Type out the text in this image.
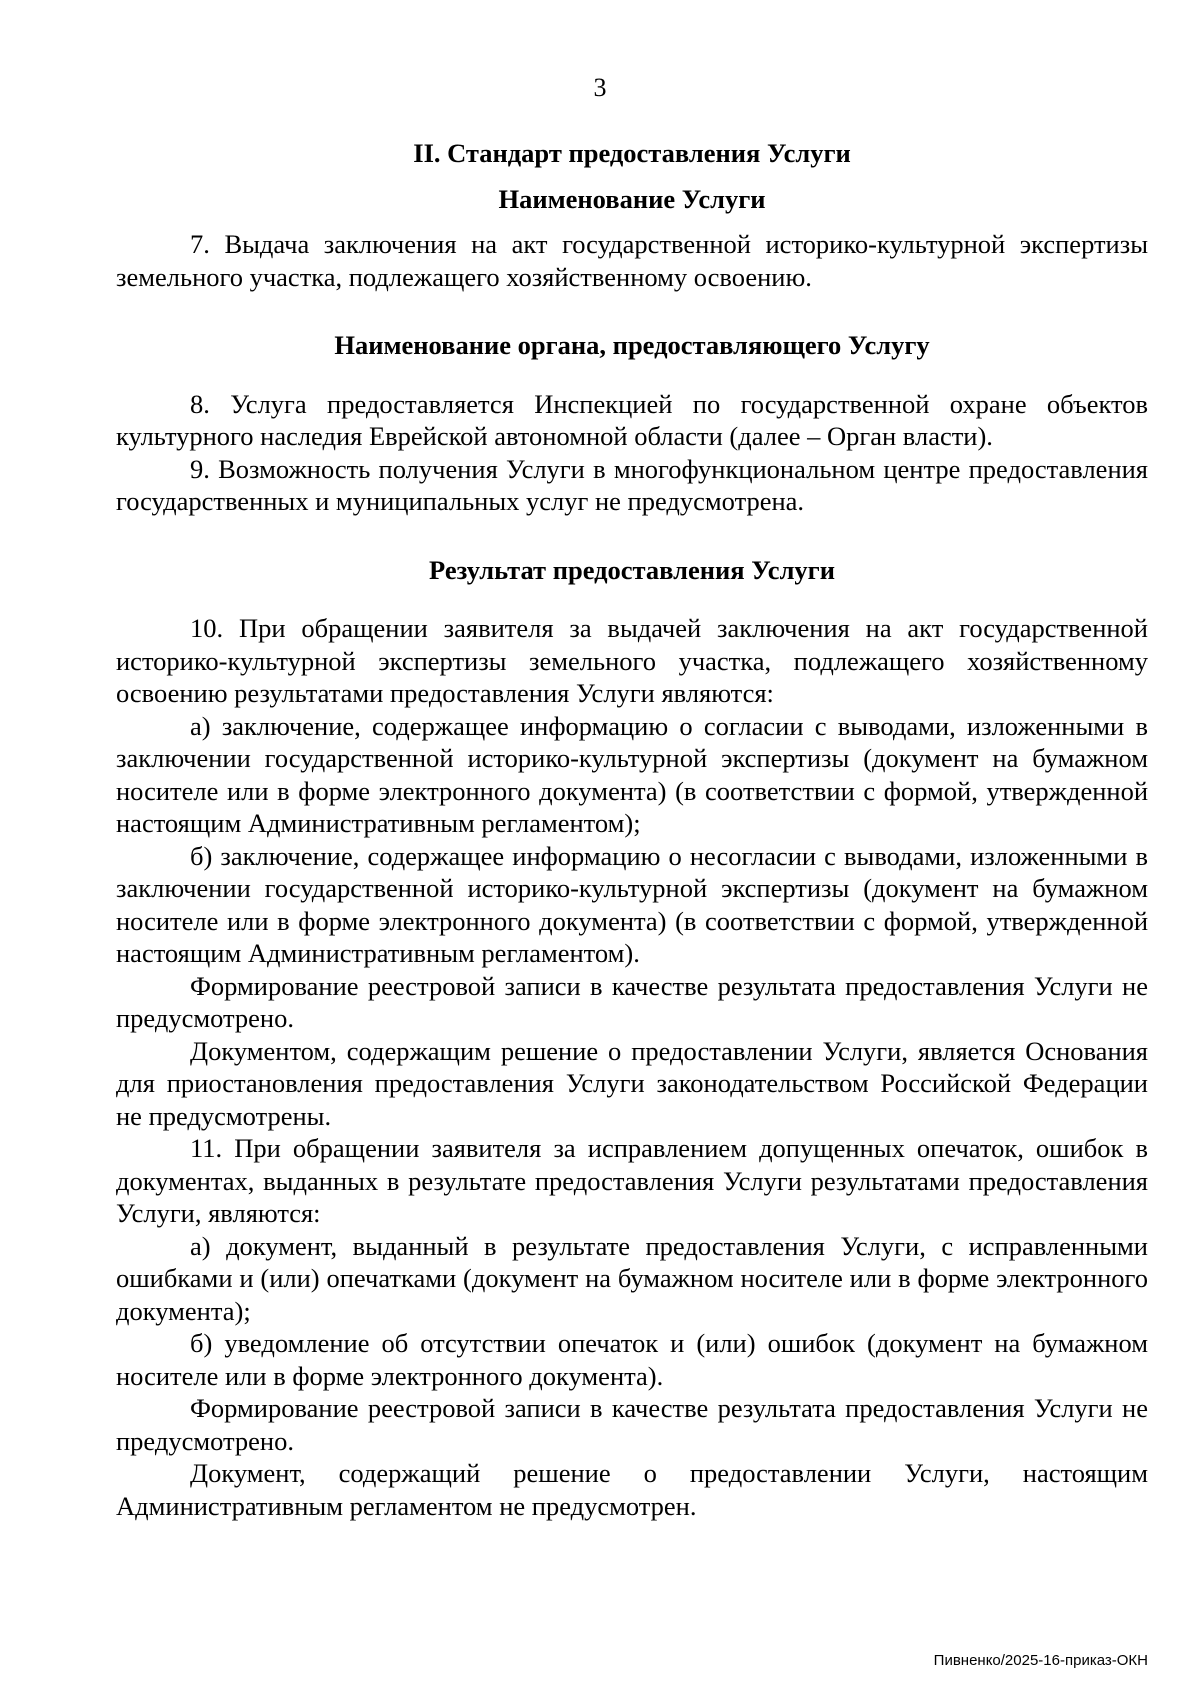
3
II. Стандарт предоставления Услуги
Наименование Услуги

7. Выдача заключения на акт государственной историко-культурной экспертизы земельного участка, подлежащего хозяйственному освоению.

Наименование органа, предоставляющего Услугу

8. Услуга предоставляется Инспекцией по государственной охране объектов культурного наследия Еврейской автономной области (далее – Орган власти).

9. Возможность получения Услуги в многофункциональном центре предоставления государственных и муниципальных услуг не предусмотрена.

Результат предоставления Услуги

10. При обращении заявителя за выдачей заключения на акт государственной историко-культурной экспертизы земельного участка, подлежащего хозяйственному освоению результатами предоставления Услуги являются:

а) заключение, содержащее информацию о согласии с выводами, изложенными в заключении государственной историко-культурной экспертизы (документ на бумажном носителе или в форме электронного документа) (в соответствии с формой, утвержденной настоящим Административным регламентом);

б) заключение, содержащее информацию о несогласии с выводами, изложенными в заключении государственной историко-культурной экспертизы (документ на бумажном носителе или в форме электронного документа) (в соответствии с формой, утвержденной настоящим Административным регламентом).

Формирование реестровой записи в качестве результата предоставления Услуги не предусмотрено.

Документом, содержащим решение о предоставлении Услуги, является Основания для приостановления предоставления Услуги законодательством Российской Федерации не предусмотрены.

11. При обращении заявителя за исправлением допущенных опечаток, ошибок в документах, выданных в результате предоставления Услуги результатами предоставления Услуги, являются:

а) документ, выданный в результате предоставления Услуги, с исправленными ошибками и (или) опечатками (документ на бумажном носителе или в форме электронного документа);

б) уведомление об отсутствии опечаток и (или) ошибок (документ на бумажном носителе или в форме электронного документа).

Формирование реестровой записи в качестве результата предоставления Услуги не предусмотрено.

Документ, содержащий решение о предоставлении Услуги, настоящим Административным регламентом не предусмотрен.

Пивненко/2025-16-приказ-ОКН
